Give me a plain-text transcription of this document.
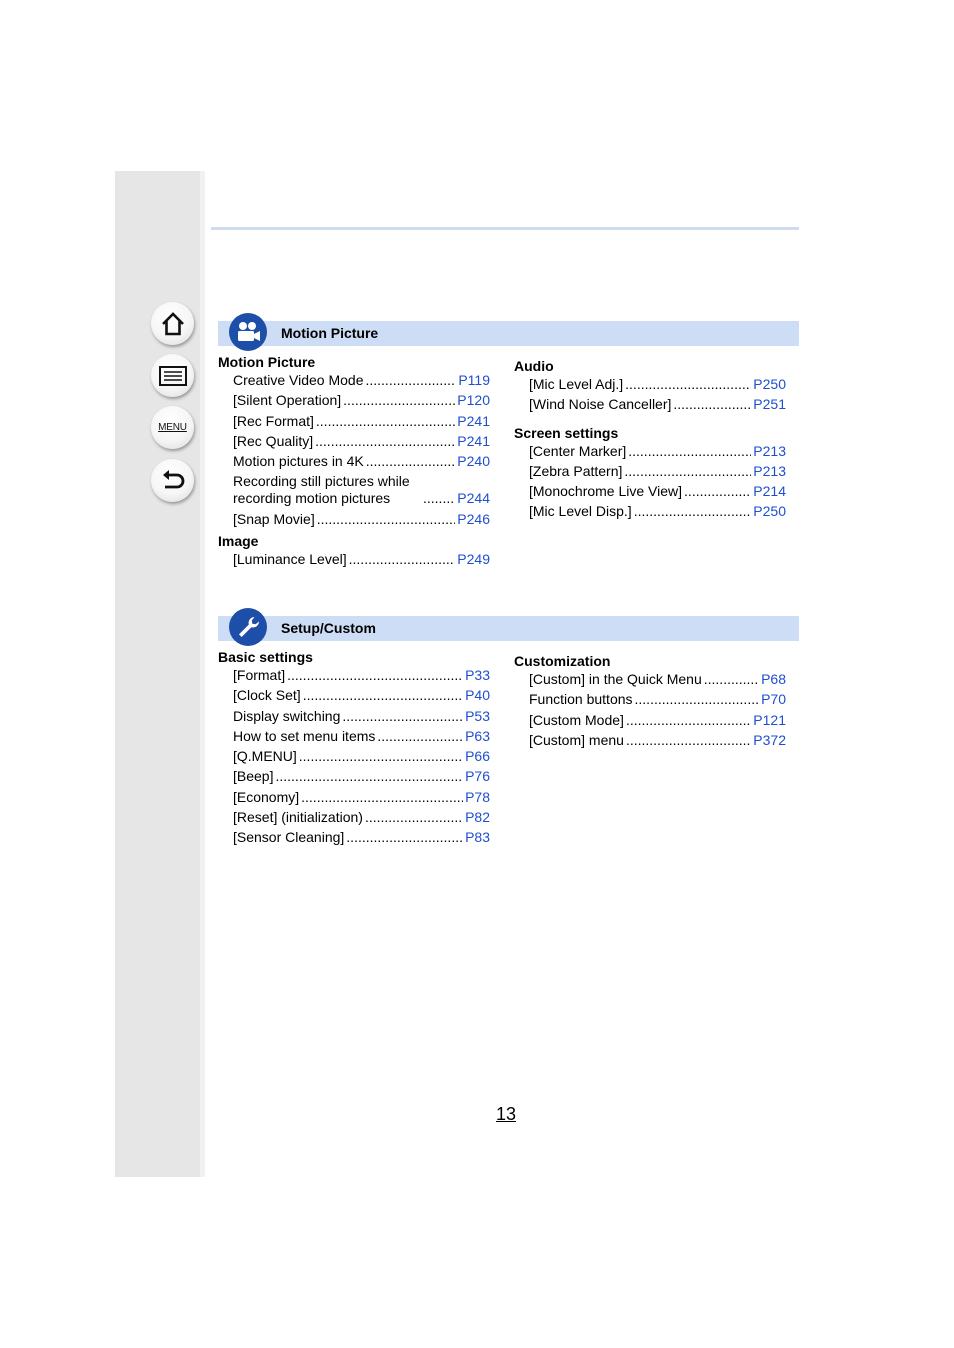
MENU
Motion Picture
Motion Picture
Creative Video Mode .....	P119
[Silent Operation] .....	P120
[Rec Format] .....	P241
[Rec Quality] .....	P241
Motion pictures in 4K .....	P240
Recording still pictures while recording motion pictures .....	P244
[Snap Movie] .....	P246
Image
[Luminance Level] .....	P249
Audio
[Mic Level Adj.] .....	P250
[Wind Noise Canceller] .....	P251
Screen settings
[Center Marker] .....	P213
[Zebra Pattern] .....	P213
[Monochrome Live View] .....	P214
[Mic Level Disp.] .....	P250
Setup/Custom
Basic settings
[Format] .....	P33
[Clock Set] .....	P40
Display switching .....	P53
How to set menu items .....	P63
[Q.MENU] .....	P66
[Beep] .....	P76
[Economy] .....	P78
[Reset] (initialization) .....	P82
[Sensor Cleaning] .....	P83
Customization
[Custom] in the Quick Menu .....	P68
Function buttons .....	P70
[Custom Mode] .....	P121
[Custom] menu .....	P372
13
